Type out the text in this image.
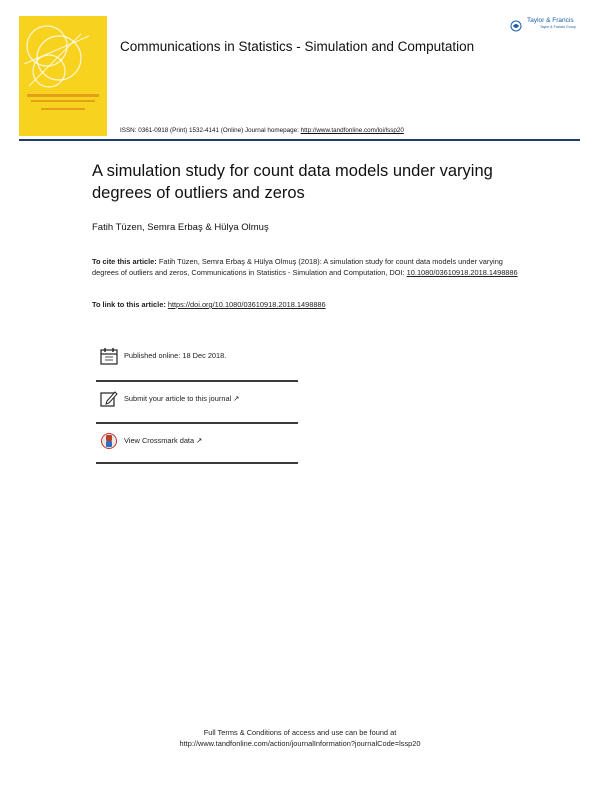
Communications in Statistics - Simulation and Computation
Taylor & Francis
Taylor & Francis Group
ISSN: 0361-0918 (Print) 1532-4141 (Online) Journal homepage: http://www.tandfonline.com/loi/lssp20
A simulation study for count data models under varying degrees of outliers and zeros
Fatih Tüzen, Semra Erbaş & Hülya Olmuş
To cite this article: Fatih Tüzen, Semra Erbaş & Hülya Olmuş (2018): A simulation study for count data models under varying degrees of outliers and zeros, Communications in Statistics - Simulation and Computation, DOI: 10.1080/03610918.2018.1498886
To link to this article: https://doi.org/10.1080/03610918.2018.1498886
Published online: 18 Dec 2018.
Submit your article to this journal ↗
View Crossmark data ↗
Full Terms & Conditions of access and use can be found at
http://www.tandfonline.com/action/journalInformation?journalCode=lssp20
